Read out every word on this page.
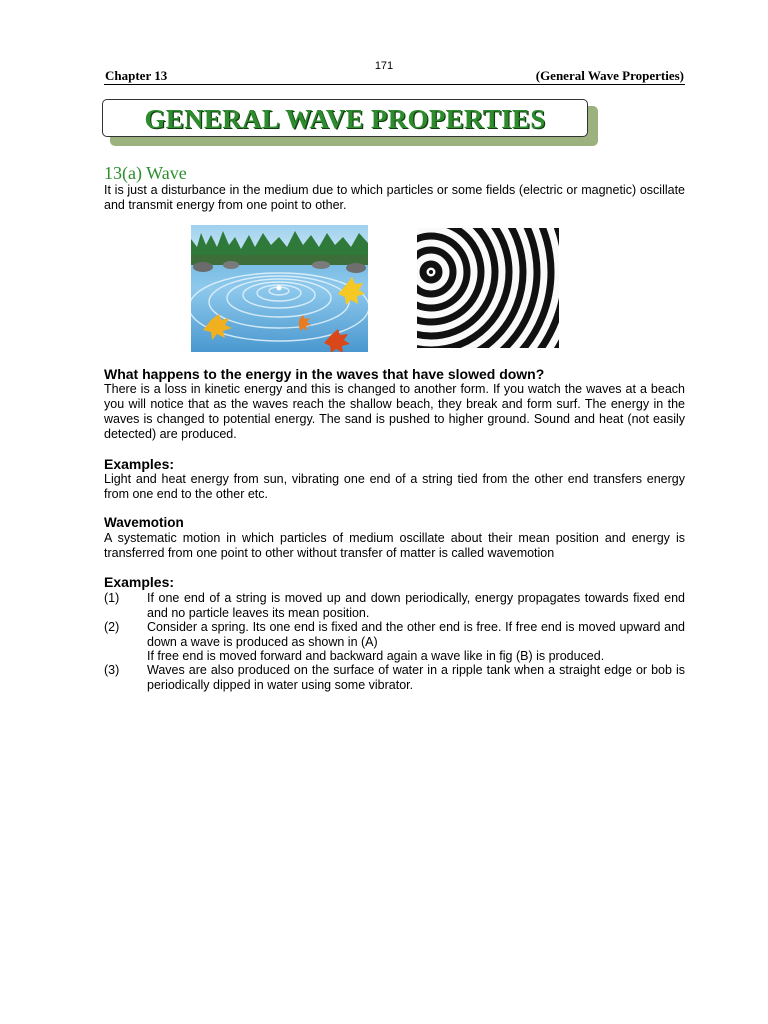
171
Chapter 13	(General Wave Properties)
GENERAL WAVE PROPERTIES
13(a) Wave
It is just a disturbance in the medium due to which particles or some fields (electric or magnetic) oscillate and transmit energy from one point to other.
What happens to the energy in the waves that have slowed down?
There is a loss in kinetic energy and this is changed to another form. If you watch the waves at a beach you will notice that as the waves reach the shallow beach, they break and form surf. The energy in the waves is changed to potential energy. The sand is pushed to higher ground. Sound and heat (not easily detected) are produced.
Examples:
Light and heat energy from sun, vibrating one end of a string tied from the other end transfers energy from one end to the other etc.
Wavemotion
A systematic motion in which particles of medium oscillate about their mean position and energy is transferred from one point to other without transfer of matter is called wavemotion
Examples:
(1) If one end of a string is moved up and down periodically, energy propagates towards fixed end and no particle leaves its mean position.
(2) Consider a spring. Its one end is fixed and the other end is free. If free end is moved upward and down a wave is produced as shown in (A)
If free end is moved forward and backward again a wave like in fig (B) is produced.
(3) Waves are also produced on the surface of water in a ripple tank when a straight edge or bob is periodically dipped in water using some vibrator.
